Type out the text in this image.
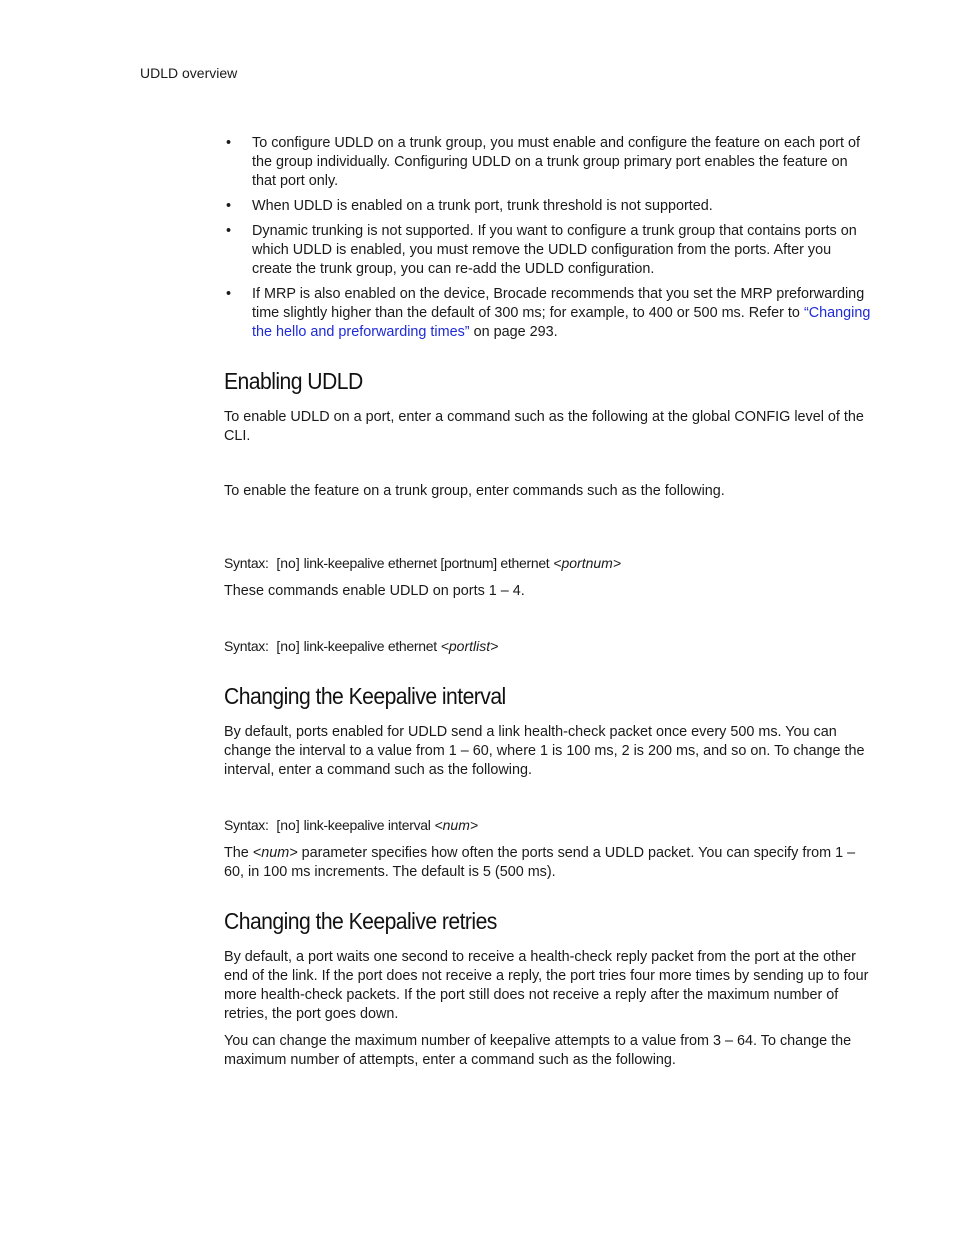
UDLD overview
• To configure UDLD on a trunk group, you must enable and configure the feature on each port of the group individually. Configuring UDLD on a trunk group primary port enables the feature on that port only.
• When UDLD is enabled on a trunk port, trunk threshold is not supported.
• Dynamic trunking is not supported. If you want to configure a trunk group that contains ports on which UDLD is enabled, you must remove the UDLD configuration from the ports. After you create the trunk group, you can re-add the UDLD configuration.
• If MRP is also enabled on the device, Brocade recommends that you set the MRP preforwarding time slightly higher than the default of 300 ms; for example, to 400 or 500 ms. Refer to “Changing the hello and preforwarding times” on page 293.
Enabling UDLD
To enable UDLD on a port, enter a command such as the following at the global CONFIG level of the CLI.
To enable the feature on a trunk group, enter commands such as the following.
Syntax: [no] link-keepalive ethernet [portnum] ethernet <portnum>
These commands enable UDLD on ports 1 – 4.
Syntax: [no] link-keepalive ethernet <portlist>
Changing the Keepalive interval
By default, ports enabled for UDLD send a link health-check packet once every 500 ms. You can change the interval to a value from 1 – 60, where 1 is 100 ms, 2 is 200 ms, and so on. To change the interval, enter a command such as the following.
Syntax: [no] link-keepalive interval <num>
The <num> parameter specifies how often the ports send a UDLD packet. You can specify from 1 – 60, in 100 ms increments. The default is 5 (500 ms).
Changing the Keepalive retries
By default, a port waits one second to receive a health-check reply packet from the port at the other end of the link. If the port does not receive a reply, the port tries four more times by sending up to four more health-check packets. If the port still does not receive a reply after the maximum number of retries, the port goes down.
You can change the maximum number of keepalive attempts to a value from 3 – 64. To change the maximum number of attempts, enter a command such as the following.
